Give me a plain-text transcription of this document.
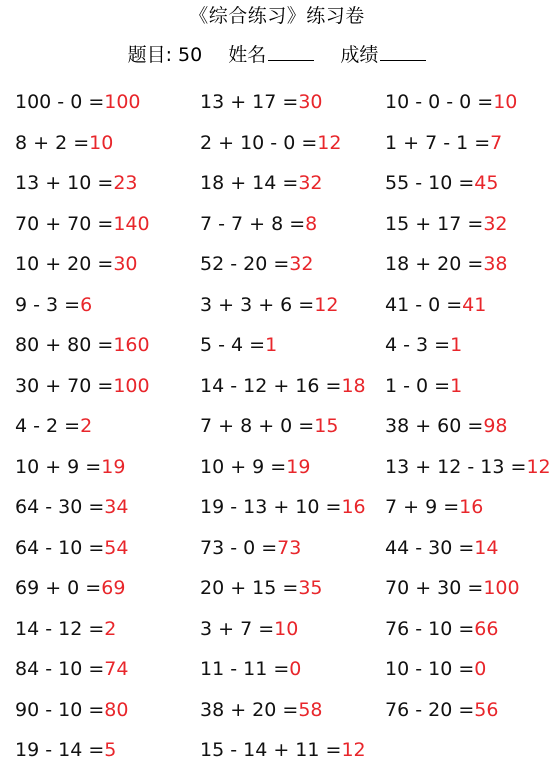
《综合练习》练习卷
题目: 50 姓名	成绩
100 - 0 =100	13 + 17 =30	10 - 0 - 0 =10
8 + 2 =10	2 + 10 - 0 =12 1 + 7 - 1 =7
13 + 10 =23	18 + 14 =32	55 - 10 =45
70 + 70 =140	7 - 7 + 8 =8	15 + 17 =32
10 + 20 =30	52 - 20 =32	18 + 20 =38
9 - 3 =6	3 + 3 + 6 =12 41 - 0 =41
80 + 80 =160	5 - 4 =1	4 - 3 =1
30 + 70 =100	14 - 12 + 16 =18 1 - 0 =1
4 - 2 =2	7 + 8 + 0 =15 38 + 60 =98
10 + 9 =19	10 + 9 =19	13 + 12 - 13 =12
64 - 30 =34	19 - 13 + 10 =16 7 + 9 =16
64 - 10 =54	73 - 0 =73	44 - 30 =14
69 + 0 =69	20 + 15 =35	70 + 30 =100
14 - 12 =2	3 + 7 =10	76 - 10 =66
84 - 10 =74	11 - 11 =0	10 - 10 =0
90 - 10 =80	38 + 20 =58	76 - 20 =56
19 - 14 =5	15 - 14 + 11 =12
